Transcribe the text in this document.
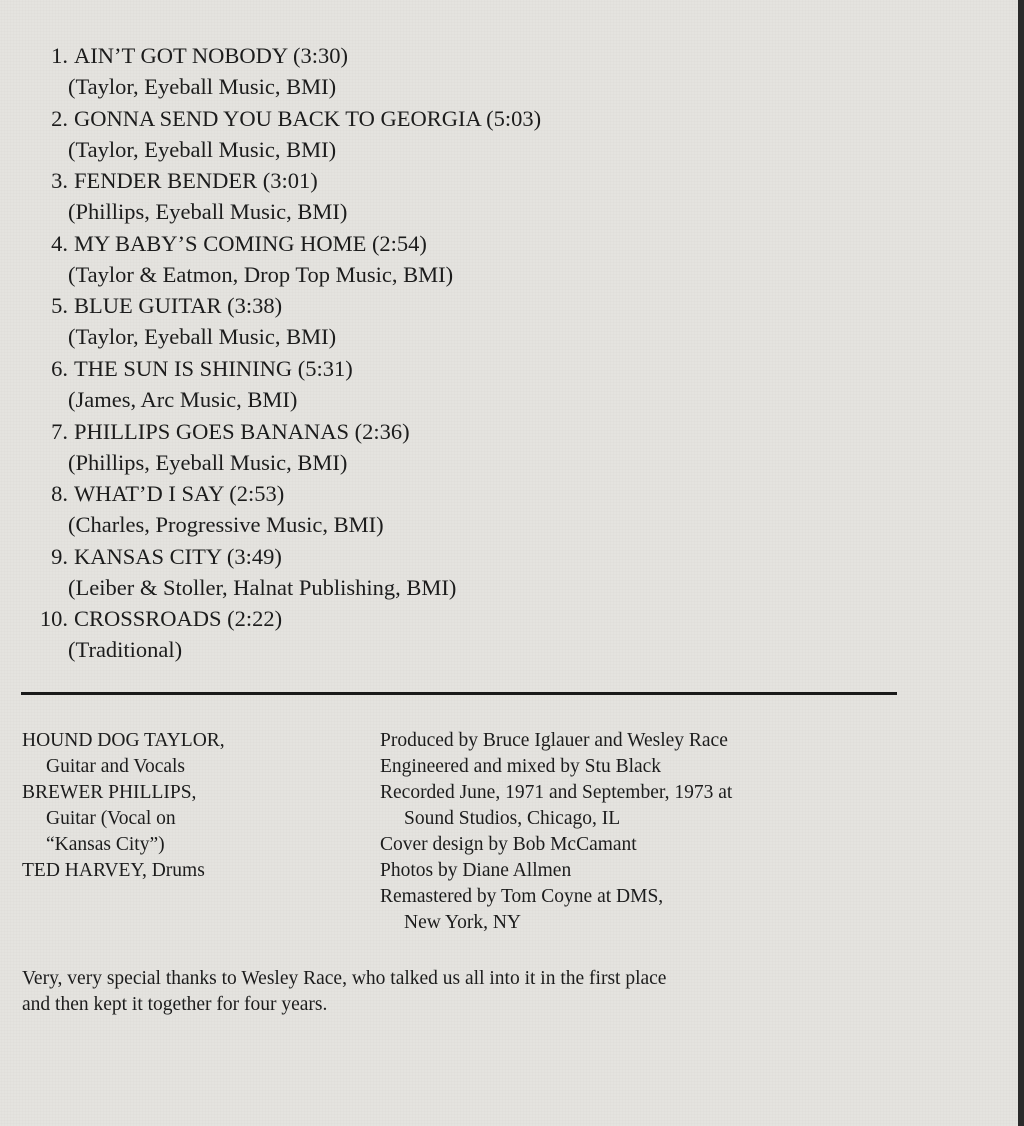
1. AIN’T GOT NOBODY (3:30)
(Taylor, Eyeball Music, BMI)
2. GONNA SEND YOU BACK TO GEORGIA (5:03)
(Taylor, Eyeball Music, BMI)
3. FENDER BENDER (3:01)
(Phillips, Eyeball Music, BMI)
4. MY BABY’S COMING HOME (2:54)
(Taylor & Eatmon, Drop Top Music, BMI)
5. BLUE GUITAR (3:38)
(Taylor, Eyeball Music, BMI)
6. THE SUN IS SHINING (5:31)
(James, Arc Music, BMI)
7. PHILLIPS GOES BANANAS (2:36)
(Phillips, Eyeball Music, BMI)
8. WHAT’D I SAY (2:53)
(Charles, Progressive Music, BMI)
9. KANSAS CITY (3:49)
(Leiber & Stoller, Halnat Publishing, BMI)
10. CROSSROADS (2:22)
(Traditional)
HOUND DOG TAYLOR,
Guitar and Vocals
BREWER PHILLIPS,
Guitar (Vocal on
“Kansas City”)
TED HARVEY, Drums
Produced by Bruce Iglauer and Wesley Race
Engineered and mixed by Stu Black
Recorded June, 1971 and September, 1973 at
Sound Studios, Chicago, IL
Cover design by Bob McCamant
Photos by Diane Allmen
Remastered by Tom Coyne at DMS,
New York, NY
Very, very special thanks to Wesley Race, who talked us all into it in the first place
and then kept it together for four years.
